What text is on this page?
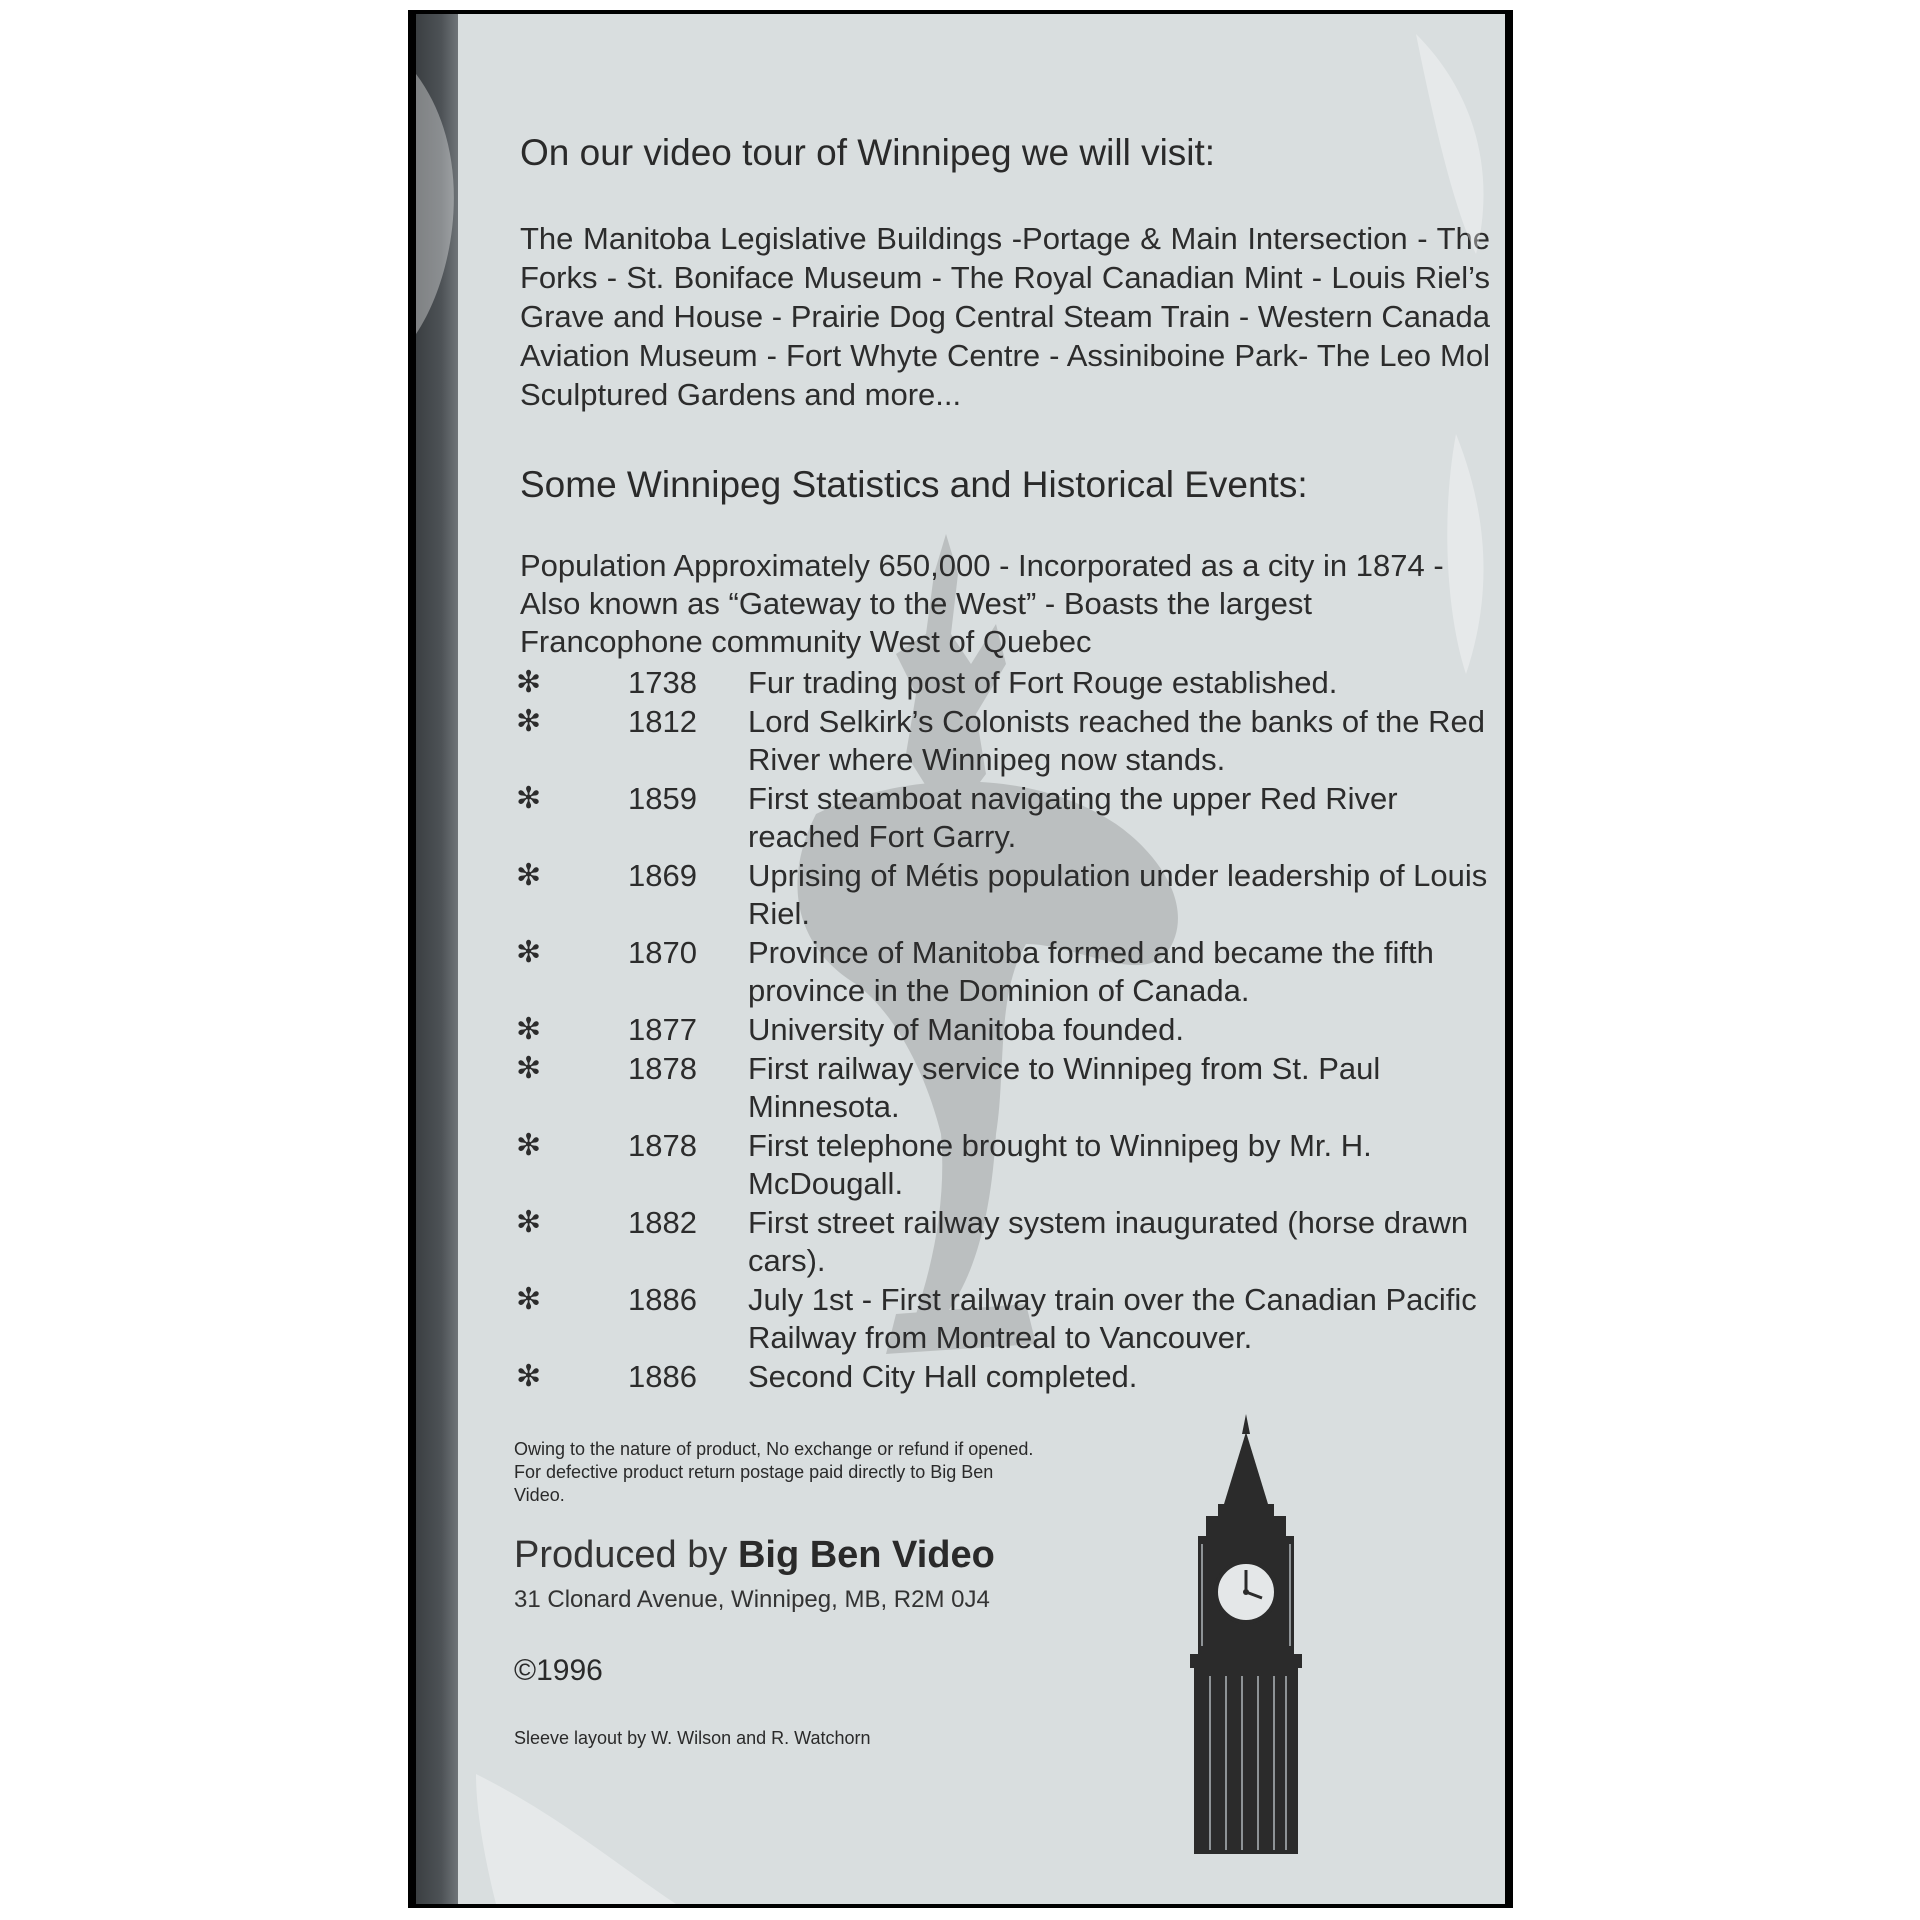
On our video tour of Winnipeg we will visit:
The Manitoba Legislative Buildings -Portage & Main Intersection - The Forks - St. Boniface Museum - The Royal Canadian Mint - Louis Riel’s Grave and House - Prairie Dog Central Steam Train - Western Canada Aviation Museum - Fort Whyte Centre - Assiniboine Park- The Leo Mol Sculptured Gardens and more...
Some Winnipeg Statistics and Historical Events:
Population Approximately 650,000 - Incorporated as a city in 1874 - Also known as “Gateway to the West” - Boasts the largest Francophone community West of Quebec
✻	1738	Fur trading post of Fort Rouge established.
✻	1812	Lord Selkirk’s Colonists reached the banks of the Red River where Winnipeg now stands.
✻	1859	First steamboat navigating the upper Red River reached Fort Garry.
✻	1869	Uprising of Métis population under leadership of Louis Riel.
✻	1870	Province of Manitoba formed and became the fifth province in the Dominion of Canada.
✻	1877	University of Manitoba founded.
✻	1878	First railway service to Winnipeg from St. Paul Minnesota.
✻	1878	First telephone brought to Winnipeg by Mr. H. McDougall.
✻	1882	First street railway system inaugurated (horse drawn cars).
✻	1886	July 1st - First railway train over the Canadian Pacific Railway from Montreal to Vancouver.
✻	1886	Second City Hall completed.
Owing to the nature of product, No exchange or refund if opened. For defective product return postage paid directly to Big Ben Video.
Produced by Big Ben Video
31 Clonard Avenue, Winnipeg, MB, R2M 0J4
©1996
Sleeve layout by W. Wilson and R. Watchorn
